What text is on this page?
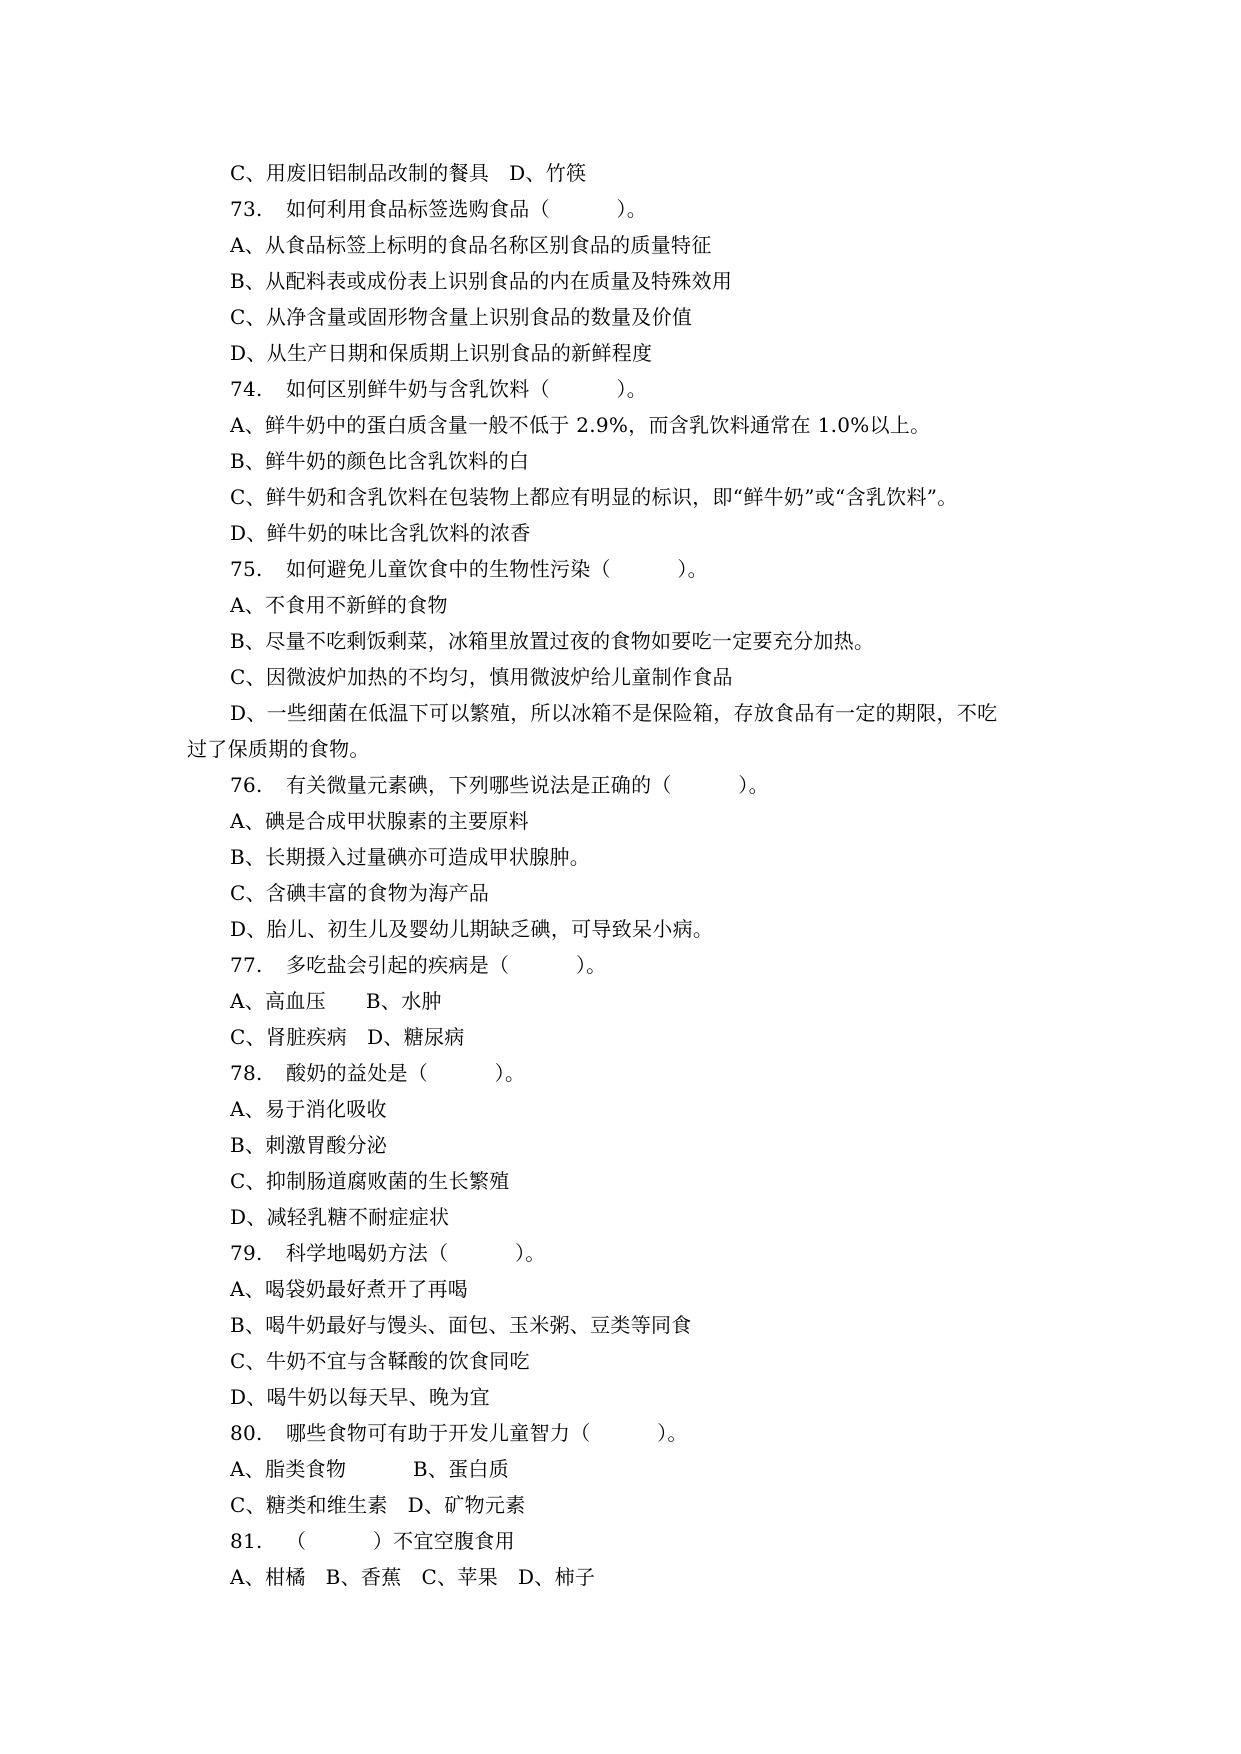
C、用废旧铝制品改制的餐具   D、竹筷
73. 如何利用食品标签选购食品（          ）。
A、从食品标签上标明的食品名称区别食品的质量特征
B、从配料表或成份表上识别食品的内在质量及特殊效用
C、从净含量或固形物含量上识别食品的数量及价值
D、从生产日期和保质期上识别食品的新鲜程度
74. 如何区别鲜牛奶与含乳饮料（          ）。
A、鲜牛奶中的蛋白质含量一般不低于 2.9%，而含乳饮料通常在 1.0%以上。
B、鲜牛奶的颜色比含乳饮料的白
C、鲜牛奶和含乳饮料在包装物上都应有明显的标识，即“鲜牛奶”或“含乳饮料”。
D、鲜牛奶的味比含乳饮料的浓香
75. 如何避免儿童饮食中的生物性污染（          ）。
A、不食用不新鲜的食物
B、尽量不吃剩饭剩菜，冰箱里放置过夜的食物如要吃一定要充分加热。
C、因微波炉加热的不均匀，慎用微波炉给儿童制作食品
D、一些细菌在低温下可以繁殖，所以冰箱不是保险箱，存放食品有一定的期限，不吃
过了保质期的食物。
76. 有关微量元素碘，下列哪些说法是正确的（          ）。
A、碘是合成甲状腺素的主要原料
B、长期摄入过量碘亦可造成甲状腺肿。
C、含碘丰富的食物为海产品
D、胎儿、初生儿及婴幼儿期缺乏碘，可导致呆小病。
77. 多吃盐会引起的疾病是（          ）。
A、高血压      B、水肿
C、肾脏疾病   D、糖尿病
78. 酸奶的益处是（          ）。
A、易于消化吸收
B、刺激胃酸分泌
C、抑制肠道腐败菌的生长繁殖
D、减轻乳糖不耐症症状
79. 科学地喝奶方法（          ）。
A、喝袋奶最好煮开了再喝
B、喝牛奶最好与馒头、面包、玉米粥、豆类等同食
C、牛奶不宜与含鞣酸的饮食同吃
D、喝牛奶以每天早、晚为宜
80. 哪些食物可有助于开发儿童智力（          ）。
A、脂类食物          B、蛋白质
C、糖类和维生素   D、矿物元素
81. （          ）不宜空腹食用
A、柑橘   B、香蕉   C、苹果   D、柿子
